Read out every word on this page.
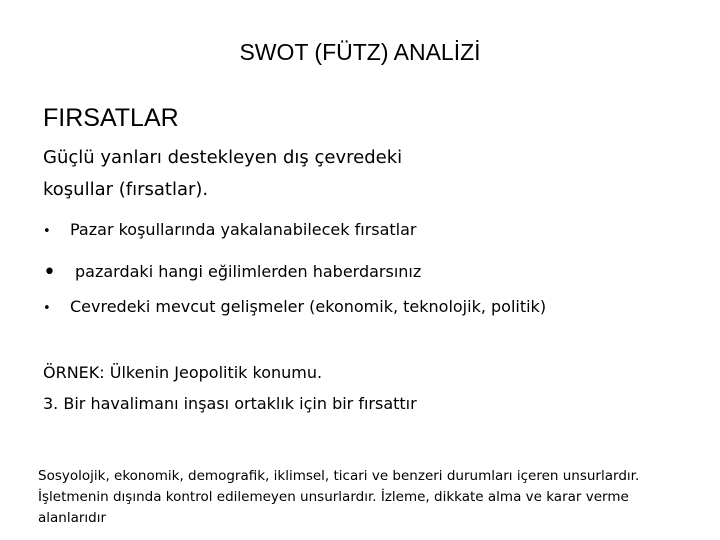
SWOT (FÜTZ) ANALİZİ
FIRSATLAR
Güçlü yanları destekleyen dış çevredeki
koşullar (fırsatlar).
• Pazar koşullarında yakalanabilecek fırsatlar
• pazardaki hangi eğilimlerden haberdarsınız
• Cevredeki mevcut gelişmeler (ekonomik, teknolojik, politik)
ÖRNEK: Ülkenin Jeopolitik konumu.
3. Bir havalimanı inşası ortaklık için bir fırsattır
Sosyolojik, ekonomik, demografik, iklimsel, ticari ve benzeri durumları içeren unsurlardır. İşletmenin dışında kontrol edilemeyen unsurlardır. İzleme, dikkate alma ve karar verme alanlarıdır
